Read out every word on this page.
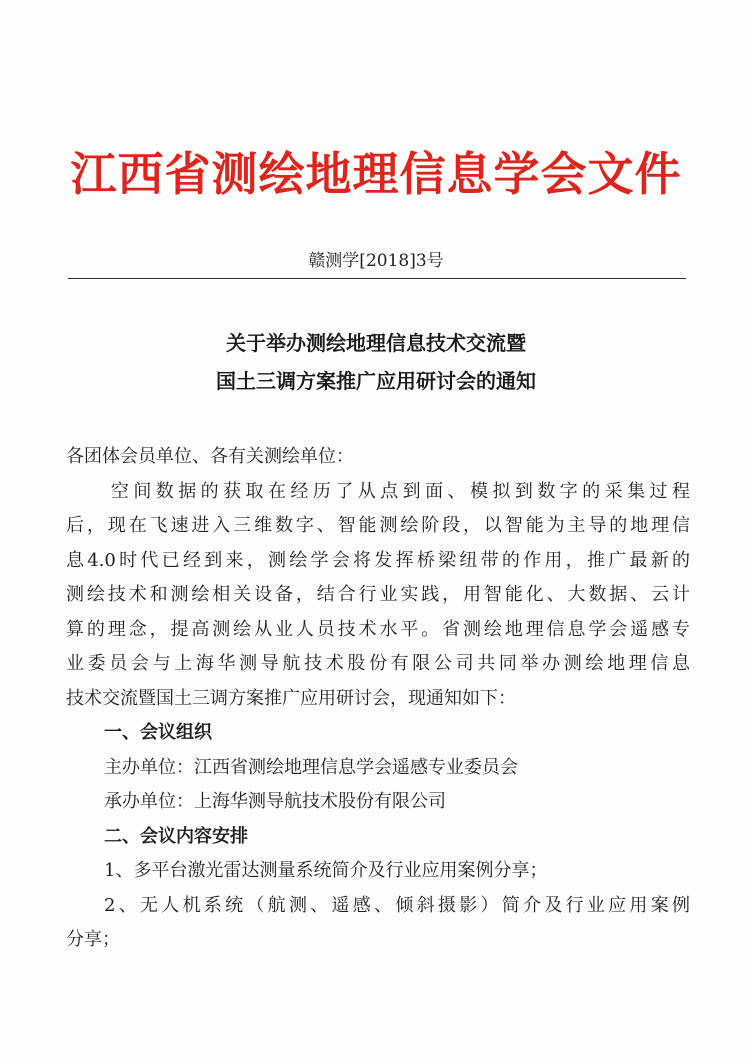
江西省测绘地理信息学会文件
赣测学[2018]3号
关于举办测绘地理信息技术交流暨
国土三调方案推广应用研讨会的通知
各团体会员单位、各有关测绘单位：
　　空间数据的获取在经历了从点到面、模拟到数字的采集过程
后，现在飞速进入三维数字、智能测绘阶段，以智能为主导的地理信
息4.0时代已经到来，测绘学会将发挥桥梁纽带的作用，推广最新的
测绘技术和测绘相关设备，结合行业实践，用智能化、大数据、云计
算的理念，提高测绘从业人员技术水平。省测绘地理信息学会遥感专
业委员会与上海华测导航技术股份有限公司共同举办测绘地理信息
技术交流暨国土三调方案推广应用研讨会，现通知如下：
一、会议组织
主办单位：江西省测绘地理信息学会遥感专业委员会
承办单位：上海华测导航技术股份有限公司
二、会议内容安排
1、多平台激光雷达测量系统简介及行业应用案例分享；
2、无人机系统（航测、遥感、倾斜摄影）简介及行业应用案例
分享；
